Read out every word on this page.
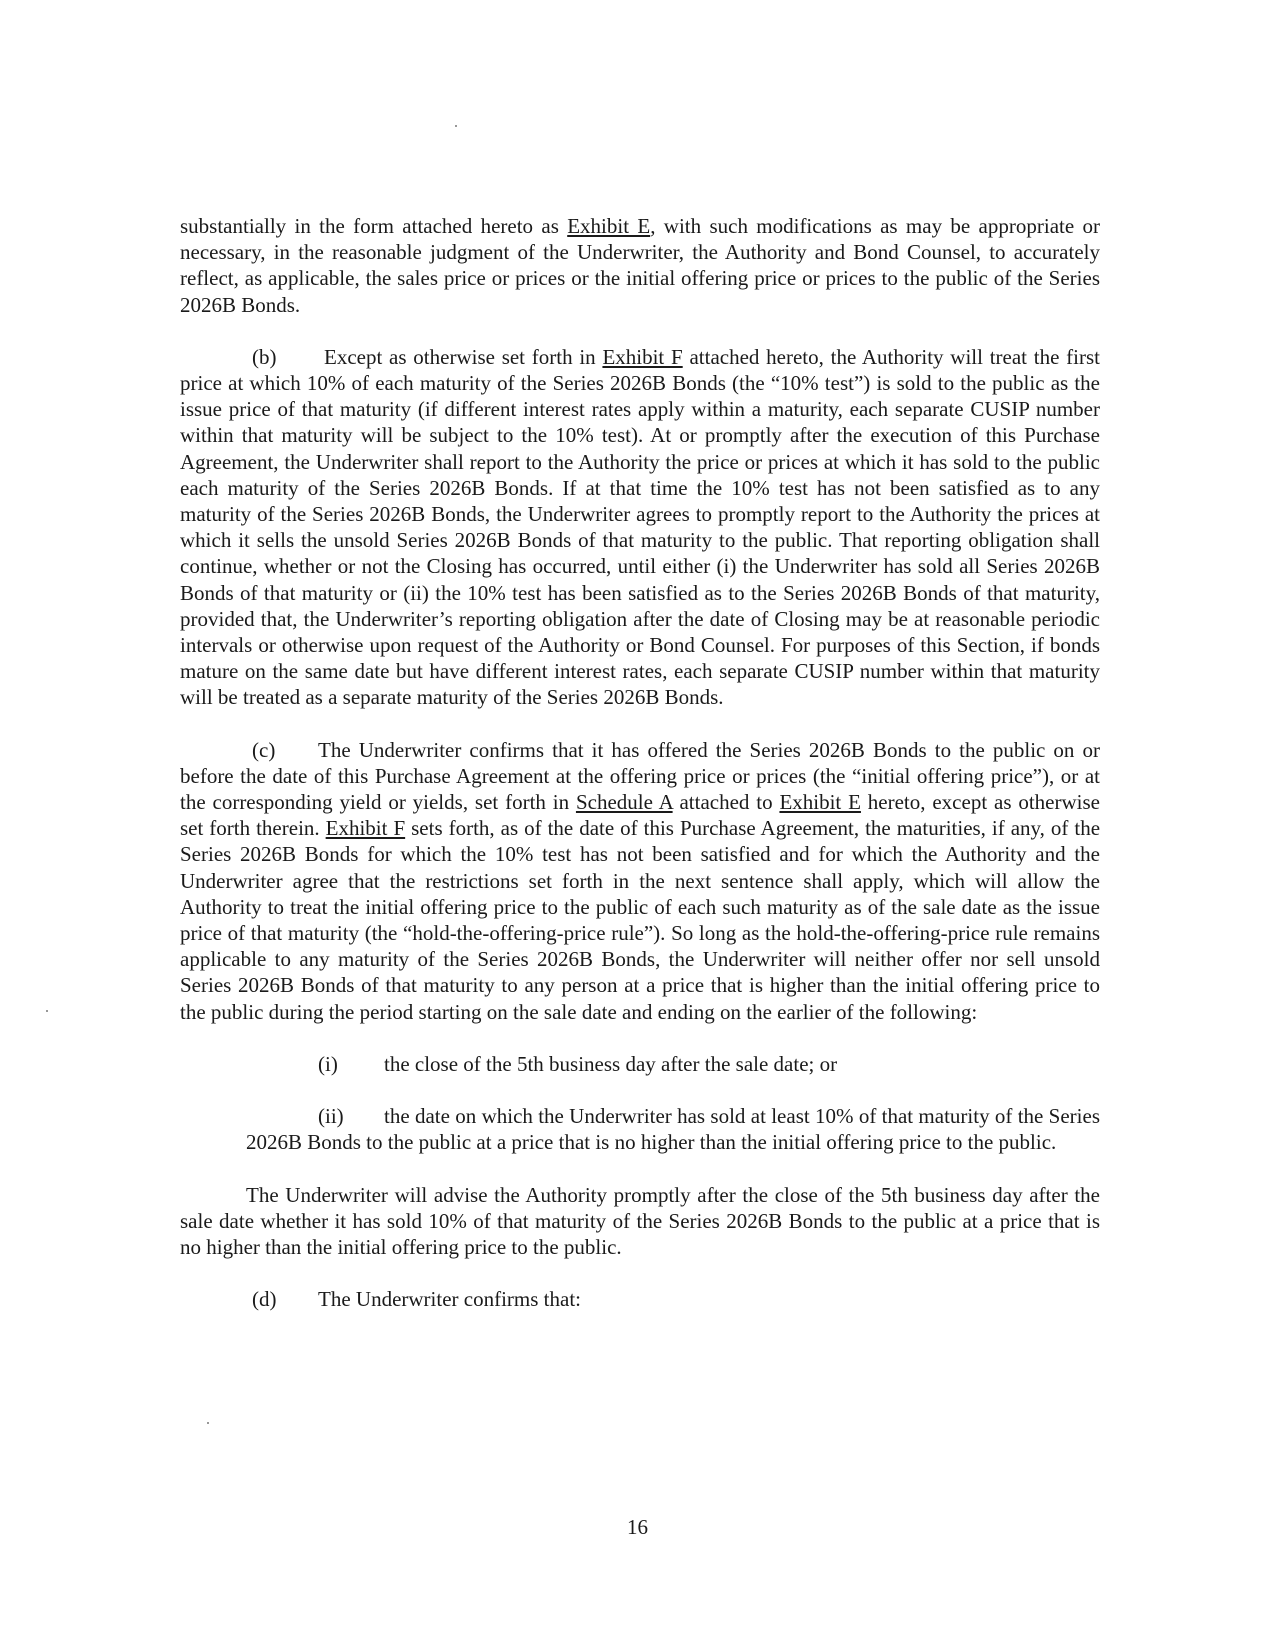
substantially in the form attached hereto as Exhibit E, with such modifications as may be appropriate or necessary, in the reasonable judgment of the Underwriter, the Authority and Bond Counsel, to accurately reflect, as applicable, the sales price or prices or the initial offering price or prices to the public of the Series 2026B Bonds.

(b) Except as otherwise set forth in Exhibit F attached hereto, the Authority will treat the first price at which 10% of each maturity of the Series 2026B Bonds (the “10% test”) is sold to the public as the issue price of that maturity (if different interest rates apply within a maturity, each separate CUSIP number within that maturity will be subject to the 10% test). At or promptly after the execution of this Purchase Agreement, the Underwriter shall report to the Authority the price or prices at which it has sold to the public each maturity of the Series 2026B Bonds. If at that time the 10% test has not been satisfied as to any maturity of the Series 2026B Bonds, the Underwriter agrees to promptly report to the Authority the prices at which it sells the unsold Series 2026B Bonds of that maturity to the public. That reporting obligation shall continue, whether or not the Closing has occurred, until either (i) the Underwriter has sold all Series 2026B Bonds of that maturity or (ii) the 10% test has been satisfied as to the Series 2026B Bonds of that maturity, provided that, the Underwriter’s reporting obligation after the date of Closing may be at reasonable periodic intervals or otherwise upon request of the Authority or Bond Counsel. For purposes of this Section, if bonds mature on the same date but have different interest rates, each separate CUSIP number within that maturity will be treated as a separate maturity of the Series 2026B Bonds.

(c) The Underwriter confirms that it has offered the Series 2026B Bonds to the public on or before the date of this Purchase Agreement at the offering price or prices (the “initial offering price”), or at the corresponding yield or yields, set forth in Schedule A attached to Exhibit E hereto, except as otherwise set forth therein. Exhibit F sets forth, as of the date of this Purchase Agreement, the maturities, if any, of the Series 2026B Bonds for which the 10% test has not been satisfied and for which the Authority and the Underwriter agree that the restrictions set forth in the next sentence shall apply, which will allow the Authority to treat the initial offering price to the public of each such maturity as of the sale date as the issue price of that maturity (the “hold-the-offering-price rule”). So long as the hold-the-offering-price rule remains applicable to any maturity of the Series 2026B Bonds, the Underwriter will neither offer nor sell unsold Series 2026B Bonds of that maturity to any person at a price that is higher than the initial offering price to the public during the period starting on the sale date and ending on the earlier of the following:

(i) the close of the 5th business day after the sale date; or

(ii) the date on which the Underwriter has sold at least 10% of that maturity of the Series 2026B Bonds to the public at a price that is no higher than the initial offering price to the public.

The Underwriter will advise the Authority promptly after the close of the 5th business day after the sale date whether it has sold 10% of that maturity of the Series 2026B Bonds to the public at a price that is no higher than the initial offering price to the public.

(d) The Underwriter confirms that:

16
